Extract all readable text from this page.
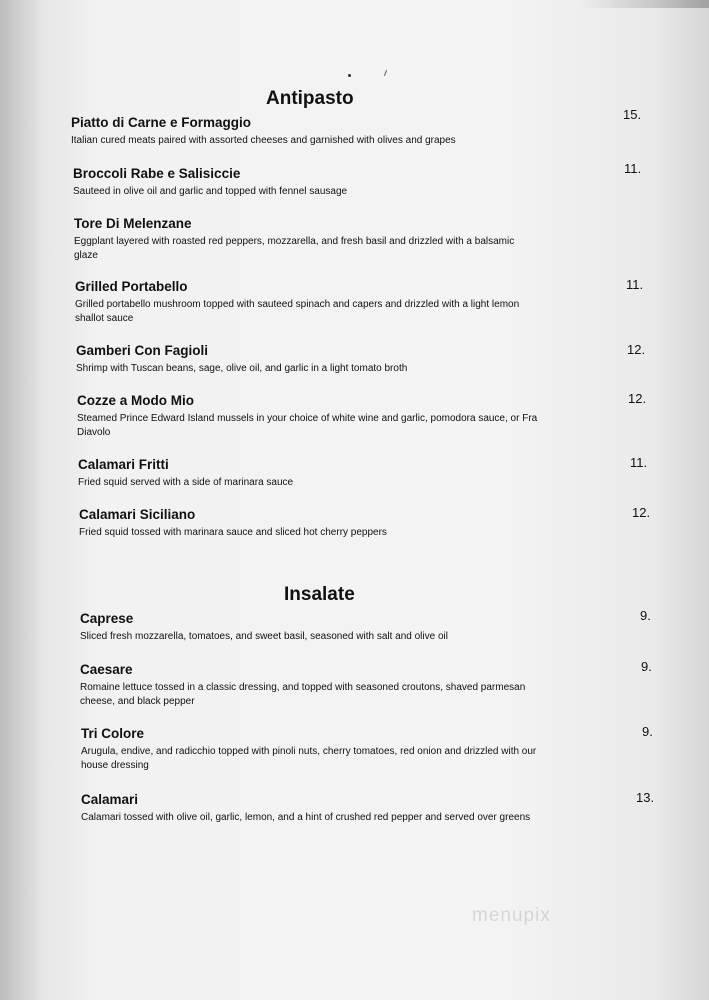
Antipasto

Piatto di Carne e Formaggio

Italian cured meats paired with assorted cheeses and garnished with olives and grapes

15.

Broccoli Rabe e Salisiccie

Sauteed in olive oil and garlic and topped with fennel sausage

11.

Tore Di Melenzane

Eggplant layered with roasted red peppers, mozzarella, and fresh basil and drizzled with a balsamic glaze

Grilled Portabello

Grilled portabello mushroom topped with sauteed spinach and capers and drizzled with a light lemon shallot sauce

11.

Gamberi Con Fagioli

Shrimp with Tuscan beans, sage, olive oil, and garlic in a light tomato broth

12.

Cozze a Modo Mio

Steamed Prince Edward Island mussels in your choice of white wine and garlic, pomodora sauce, or Fra Diavolo

12.

Calamari Fritti

Fried squid served with a side of marinara sauce

11.

Calamari Siciliano

Fried squid tossed with marinara sauce and sliced hot cherry peppers

12.
Insalate

Caprese

Sliced fresh mozzarella, tomatoes, and sweet basil, seasoned with salt and olive oil

9.

Caesare

Romaine lettuce tossed in a classic dressing, and topped with seasoned croutons, shaved parmesan cheese, and black pepper

9.

Tri Colore

Arugula, endive, and radicchio topped with pinoli nuts, cherry tomatoes, red onion and drizzled with our house dressing

9.

Calamari

Calamari tossed with olive oil, garlic, lemon, and a hint of crushed red pepper and served over greens

13.
menupix
